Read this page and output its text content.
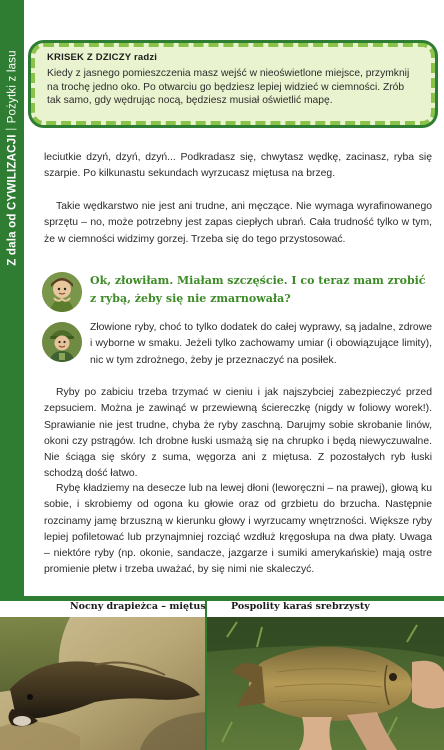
Z dala od CYWILIZACJIPożytki z lasu	KRISEK Z DZICZY radzi
Kiedy z jasnego pomieszczenia masz wejść w nieoświetlone miejsce, przymknij na trochę jedno oko. Po otwarciu go będziesz lepiej widzieć w ciemności. Zrób tak samo, gdy wędrując nocą, będziesz musiał oświetlić mapę.

leciutkie dzyń, dzyń, dzyń... Podkradasz się, chwytasz wędkę, zacinasz, ryba się szarpie. Po kilkunastu sekundach wyrzucasz miętusa na brzeg.

Takie wędkarstwo nie jest ani trudne, ani męczące. Nie wymaga wyrafinowanego sprzętu – no, może potrzebny jest zapas ciepłych ubrań. Cała trudność tylko w tym, że w ciemności widzimy gorzej. Trzeba się do tego przystosować.

Ok, złowiłam. Miałam szczęście. I co teraz mam zrobić z rybą, żeby się nie zmarnowała?

Złowione ryby, choć to tylko dodatek do całej wyprawy, są jadalne, zdrowe i wyborne w smaku. Jeżeli tylko zachowamy umiar (i obowiązujące limity), nic w tym zdrożnego, żeby je przeznaczyć na posiłek.

Ryby po zabiciu trzeba trzymać w cieniu i jak najszybciej zabezpieczyć przed zepsuciem. Można je zawinąć w przewiewną ściereczkę (nigdy w foliowy worek!). Sprawianie nie jest trudne, chyba że ryby zaschną. Darujmy sobie skrobanie linów, okoni czy pstrągów. Ich drobne łuski usmażą się na chrupko i będą niewyczuwalne. Nie ściąga się skóry z suma, węgorza ani z miętusa. Z pozostałych ryb łuski schodzą dość łatwo.

Rybę kładziemy na desecze lub na lewej dłoni (leworęczni – na prawej), głową ku sobie, i skrobiemy od ogona ku głowie oraz od grzbietu do brzucha. Następnie rozcinamy jamę brzuszną w kierunku głowy i wyrzucamy wnętrzności. Większe ryby lepiej pofiletować lub przynajmniej rozciąć wzdłuż kręgosłupa na dwa płaty. Uwaga – niektóre ryby (np. okonie, sandacze, jazgarze i sumiki amerykańskie) mają ostre promienie płetw i trzeba uważać, by się nimi nie skaleczyć.

Nocny drapieżca – miętus	Pospolity karaś srebrzysty
